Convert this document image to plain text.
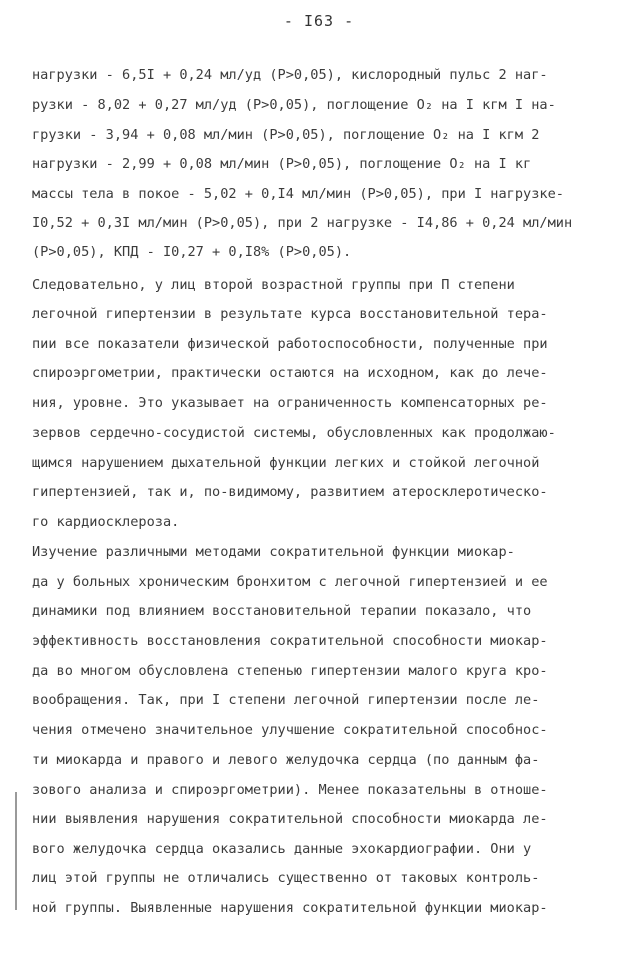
- I63 -
нагрузки - 6,5I + 0,24 мл/уд (P>0,05), кислородный пульс 2 наг-
рузки - 8,02 + 0,27 мл/уд (P>0,05), поглощение O₂ на I кгм I на-
грузки - 3,94 + 0,08 мл/мин (P>0,05), поглощение O₂ на I кгм 2
нагрузки - 2,99 + 0,08 мл/мин (P>0,05), поглощение O₂ на I кг
массы тела в покое - 5,02 + 0,I4 мл/мин (P>0,05), при I нагрузке-
I0,52 + 0,3I мл/мин (P>0,05), при 2 нагрузке - I4,86 + 0,24 мл/мин
(P>0,05), КПД - I0,27 + 0,I8% (P>0,05).
Следовательно, у лиц второй возрастной группы при П степени
легочной гипертензии в результате курса восстановительной тера-
пии все показатели физической работоспособности, полученные при
спироэргометрии, практически остаются на исходном, как до лече-
ния, уровне. Это указывает на ограниченность компенсаторных ре-
зервов сердечно-сосудистой системы, обусловленных как продолжаю-
щимся нарушением дыхательной функции легких и стойкой легочной
гипертензией, так и, по-видимому, развитием атеросклеротическо-
го кардиосклероза.
Изучение различными методами сократительной функции миокар-
да у больных хроническим бронхитом с легочной гипертензией и ее
динамики под влиянием восстановительной терапии показало, что
эффективность восстановления сократительной способности миокар-
да во многом обусловлена степенью гипертензии малого круга кро-
вообращения. Так, при I степени легочной гипертензии после ле-
чения отмечено значительное улучшение сократительной способнос-
ти миокарда и правого и левого желудочка сердца (по данным фа-
зового анализа и спироэргометрии). Менее показательны в отноше-
нии выявления нарушения сократительной способности миокарда ле-
вого желудочка сердца оказались данные эхокардиографии. Они у
лиц этой группы не отличались существенно от таковых контроль-
ной группы. Выявленные нарушения сократительной функции миокар-
